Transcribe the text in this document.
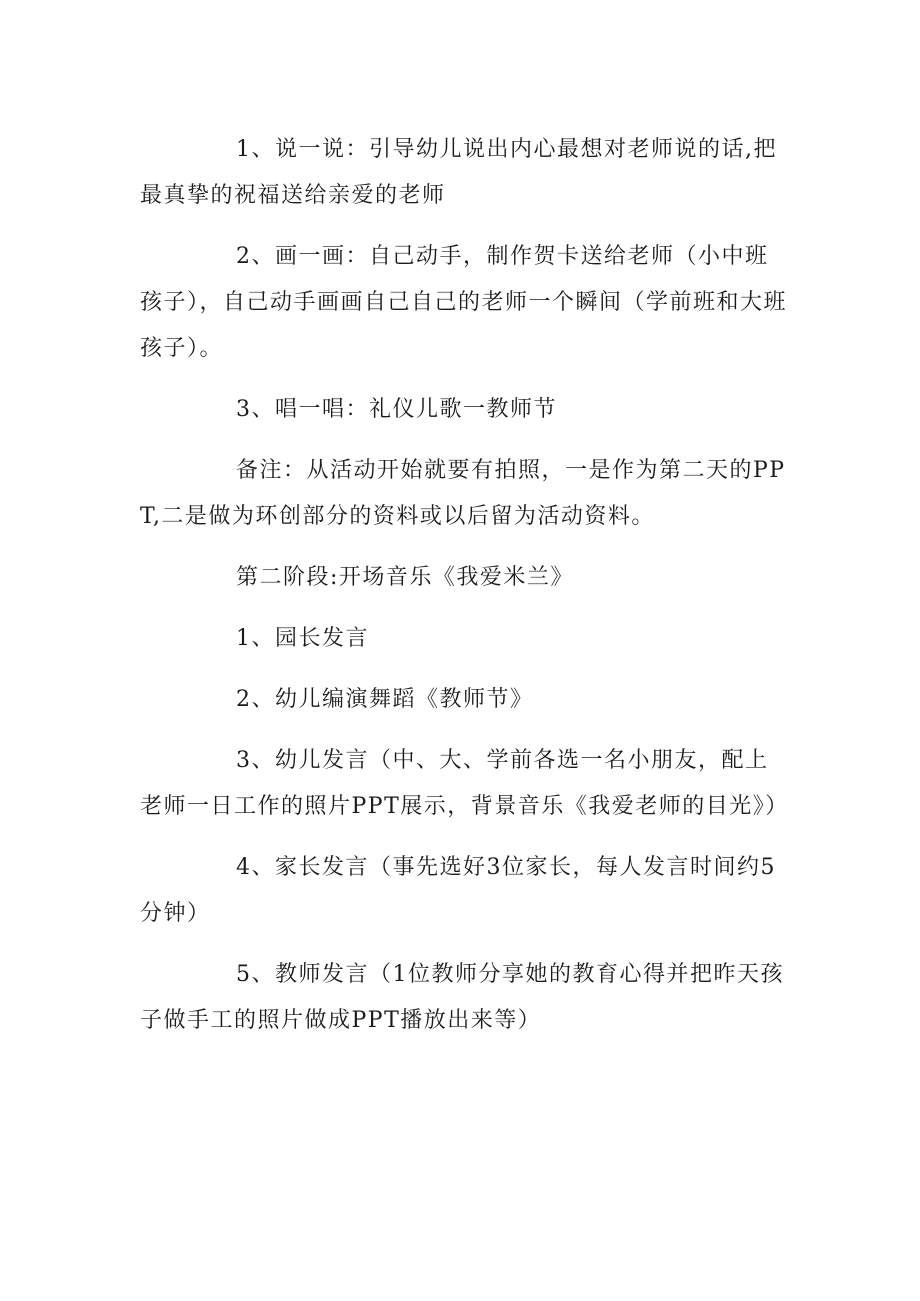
1、说一说：引导幼儿说出内心最想对老师说的话,把最真挚的祝福送给亲爱的老师

2、画一画：自己动手，制作贺卡送给老师（小中班孩子），自己动手画画自己自己的老师一个瞬间（学前班和大班孩子）。

3、唱一唱：礼仪儿歌一教师节

备注：从活动开始就要有拍照，一是作为第二天的PPT,二是做为环创部分的资料或以后留为活动资料。

第二阶段:开场音乐《我爱米兰》

1、园长发言

2、幼儿编演舞蹈《教师节》

3、幼儿发言（中、大、学前各选一名小朋友，配上老师一日工作的照片PPT展示，背景音乐《我爱老师的目光》）

4、家长发言（事先选好3位家长，每人发言时间约5分钟）

5、教师发言（1位教师分享她的教育心得并把昨天孩子做手工的照片做成PPT播放出来等）
